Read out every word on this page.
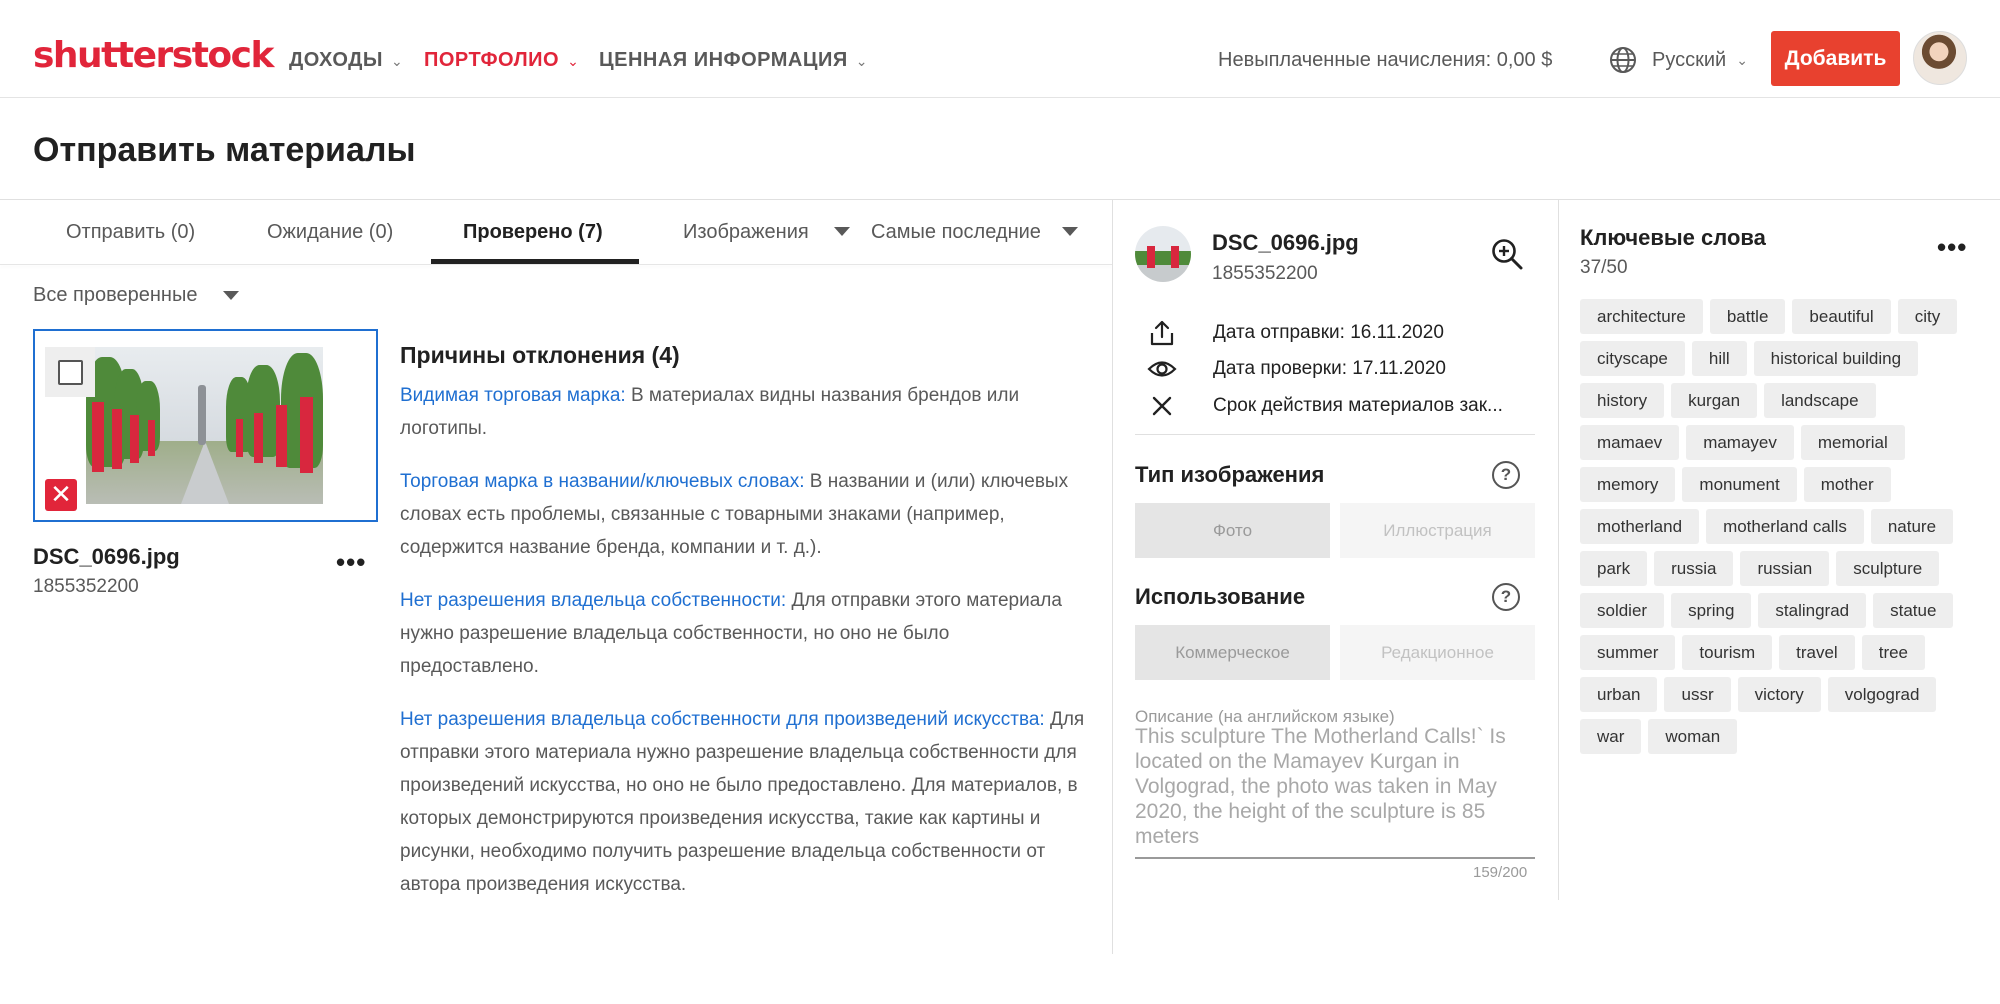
shutterstock ДОХОДЫ ⌄ ПОРТФОЛИО ⌄ ЦЕННАЯ ИНФОРМАЦИЯ ⌄	Невыплаченные начисления: 0,00 $	Русский ⌄	Добавить
Отправить материалы
Отправить (0)	Ожидание (0)	Проверено (7)	Изображения	Самые последние
Все проверенные
✕
DSC_0696.jpg
1855352200
•••
Причины отклонения (4)

Видимая торговая марка: В материалах видны названия брендов или логотипы.

Торговая марка в названии/ключевых словах: В названии и (или) ключевых словах есть проблемы, связанные с товарными знаками (например, содержится название бренда, компании и т. д.).

Нет разрешения владельца собственности: Для отправки этого материала нужно разрешение владельца собственности, но оно не было предоставлено.

Нет разрешения владельца собственности для произведений искусства: Для отправки этого материала нужно разрешение владельца собственности для произведений искусства, но оно не было предоставлено. Для материалов, в которых демонстрируются произведения искусства, такие как картины и рисунки, необходимо получить разрешение владельца собственности от автора произведения искусства.

DSC_0696.jpg
1855352200
Дата отправки: 16.11.2020
Дата проверки: 17.11.2020
Срок действия материалов зак...
Тип изображения	?
Фото	Иллюстрация
Использование	?
Коммерческое	Редакционное
Описание (на английском языке)
This sculpture The Motherland Calls!` Is located on the Mamayev Kurgan in Volgograd, the photo was taken in May 2020, the height of the sculpture is 85 meters
159/200
Ключевые слова
37/50
•••
architecture	battle	beautiful	city
cityscape	hill	historical building
history	kurgan	landscape
mamaev	mamayev	memorial
memory	monument	mother
motherland	motherland calls	nature
park	russia	russian	sculpture
soldier	spring	stalingrad	statue
summer	tourism	travel	tree
urban	ussr	victory	volgograd
war	woman
